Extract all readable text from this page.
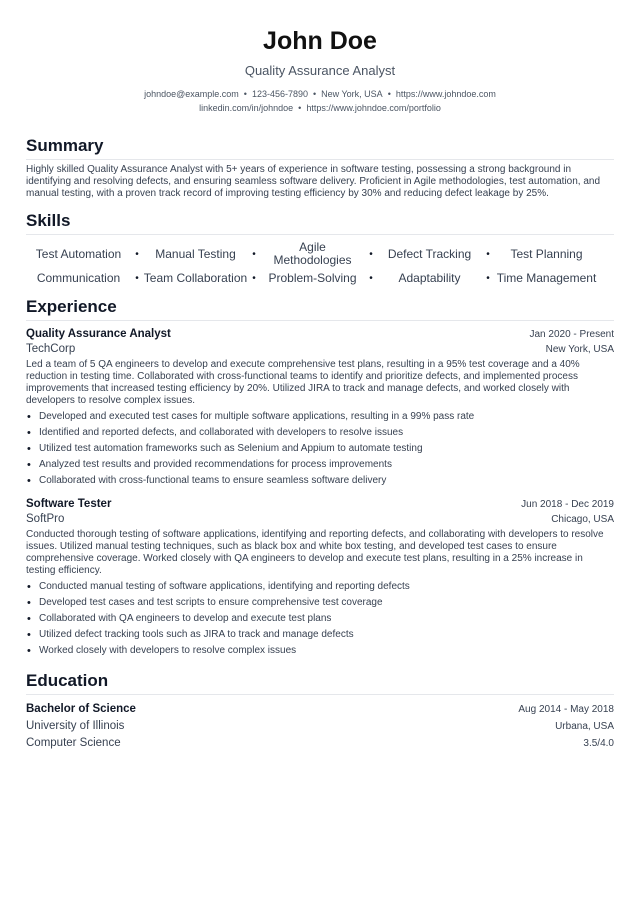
John Doe
Quality Assurance Analyst
johndoe@example.com • 123-456-7890 • New York, USA • https://www.johndoe.com
linkedin.com/in/johndoe • https://www.johndoe.com/portfolio
Summary
Highly skilled Quality Assurance Analyst with 5+ years of experience in software testing, possessing a strong background in identifying and resolving defects, and ensuring seamless software delivery. Proficient in Agile methodologies, test automation, and manual testing, with a proven track record of improving testing efficiency by 30% and reducing defect leakage by 25%.
Skills
Test Automation	•	Manual Testing	•	Agile Methodologies	•	Defect Tracking	•	Test Planning
Communication	• Team Collaboration •	Problem-Solving	•	Adaptability	• Time Management
Experience
Quality Assurance Analyst	Jan 2020 - Present
TechCorp	New York, USA
Led a team of 5 QA engineers to develop and execute comprehensive test plans, resulting in a 95% test coverage and a 40% reduction in testing time. Collaborated with cross-functional teams to identify and prioritize defects, and implemented process improvements that increased testing efficiency by 20%. Utilized JIRA to track and manage defects, and worked closely with developers to resolve complex issues.
• Developed and executed test cases for multiple software applications, resulting in a 99% pass rate
• Identified and reported defects, and collaborated with developers to resolve issues
• Utilized test automation frameworks such as Selenium and Appium to automate testing
• Analyzed test results and provided recommendations for process improvements
• Collaborated with cross-functional teams to ensure seamless software delivery
Software Tester	Jun 2018 - Dec 2019
SoftPro	Chicago, USA
Conducted thorough testing of software applications, identifying and reporting defects, and collaborating with developers to resolve issues. Utilized manual testing techniques, such as black box and white box testing, and developed test cases to ensure comprehensive coverage. Worked closely with QA engineers to develop and execute test plans, resulting in a 25% increase in testing efficiency.
• Conducted manual testing of software applications, identifying and reporting defects
• Developed test cases and test scripts to ensure comprehensive test coverage
• Collaborated with QA engineers to develop and execute test plans
• Utilized defect tracking tools such as JIRA to track and manage defects
• Worked closely with developers to resolve complex issues
Education
Bachelor of Science	Aug 2014 - May 2018
University of Illinois	Urbana, USA
Computer Science	3.5/4.0
